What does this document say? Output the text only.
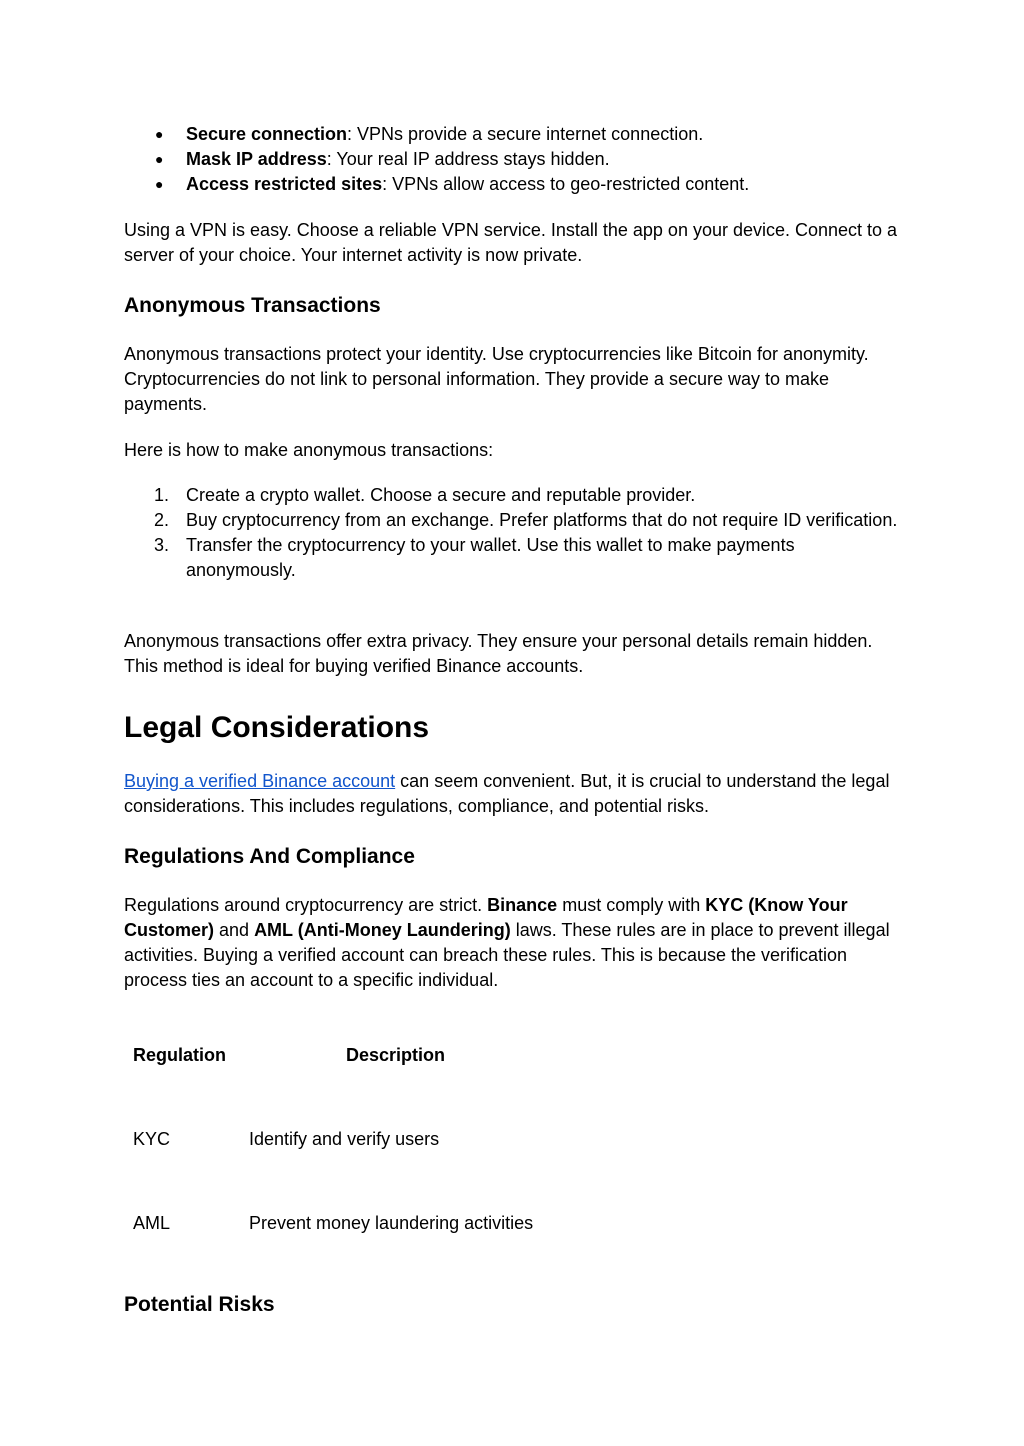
● Secure connection: VPNs provide a secure internet connection.
● Mask IP address: Your real IP address stays hidden.
● Access restricted sites: VPNs allow access to geo-restricted content.

Using a VPN is easy. Choose a reliable VPN service. Install the app on your device. Connect to a server of your choice. Your internet activity is now private.

Anonymous Transactions

Anonymous transactions protect your identity. Use cryptocurrencies like Bitcoin for anonymity. Cryptocurrencies do not link to personal information. They provide a secure way to make payments.

Here is how to make anonymous transactions:

1. Create a crypto wallet. Choose a secure and reputable provider.
2. Buy cryptocurrency from an exchange. Prefer platforms that do not require ID verification.
3. Transfer the cryptocurrency to your wallet. Use this wallet to make payments anonymously.

Anonymous transactions offer extra privacy. They ensure your personal details remain hidden. This method is ideal for buying verified Binance accounts.

Legal Considerations

Buying a verified Binance account can seem convenient. But, it is crucial to understand the legal considerations. This includes regulations, compliance, and potential risks.

Regulations And Compliance

Regulations around cryptocurrency are strict. Binance must comply with KYC (Know Your Customer) and AML (Anti-Money Laundering) laws. These rules are in place to prevent illegal activities. Buying a verified account can breach these rules. This is because the verification process ties an account to a specific individual.

Regulation	Description
KYC	Identify and verify users
AML	Prevent money laundering activities
Potential Risks
